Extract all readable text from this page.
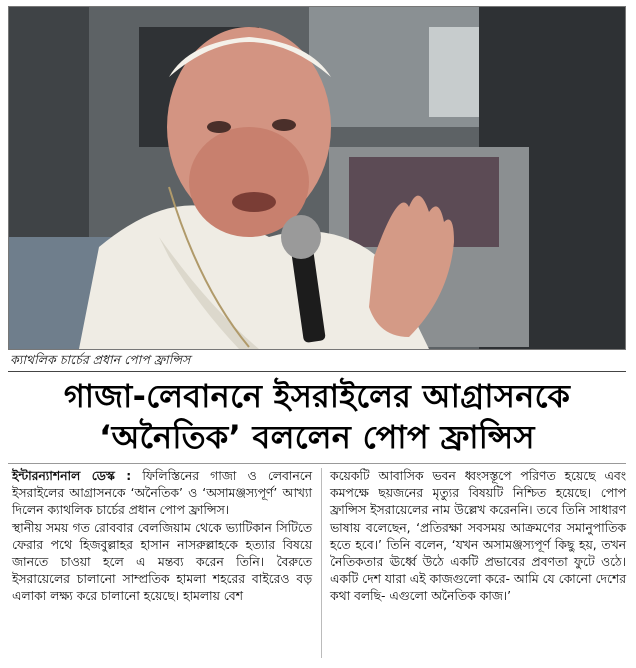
ক্যাথলিক চার্চের প্রধান পোপ ফ্রান্সিস
গাজা-লেবাননে ইসরাইলের আগ্রাসনকে
‘অনৈতিক’ বললেন পোপ ফ্রান্সিস

ইন্টারন্যাশনাল ডেস্ক : ফিলিস্তিনের গাজা ও লেবাননে ইসরাইলের আগ্রাসনকে ‘অনৈতিক’ ও ‘অসামঞ্জস্যপূর্ণ’ আখ্যা দিলেন ক্যাথলিক চার্চের প্রধান পোপ ফ্রান্সিস।

স্থানীয় সময় গত রোববার বেলজিয়াম থেকে ভ্যাটিকান সিটিতে ফেরার পথে হিজবুল্লাহর হাসান নাসরুল্লাহকে হত্যার বিষয়ে জানতে চাওয়া হলে এ মন্তব্য করেন তিনি। বৈরুতে ইসরায়েলের চালানো সাম্প্রতিক হামলা শহরের বাইরেও বড় এলাকা লক্ষ্য করে চালানো হয়েছে। হামলায় বেশ

কয়েকটি আবাসিক ভবন ধ্বংসস্তূপে পরিণত হয়েছে এবং কমপক্ষে ছয়জনের মৃত্যুর বিষয়টি নিশ্চিত হয়েছে। পোপ ফ্রান্সিস ইসরায়েলের নাম উল্লেখ করেননি। তবে তিনি সাধারণ ভাষায় বলেছেন, ‘প্রতিরক্ষা সবসময় আক্রমণের সমানুপাতিক হতে হবে।’ তিনি বলেন, ‘যখন অসামঞ্জস্যপূর্ণ কিছু হয়, তখন নৈতিকতার ঊর্ধ্বে উঠে একটি প্রভাবের প্রবণতা ফুটে ওঠে। একটি দেশ যারা এই কাজগুলো করে- আমি যে কোনো দেশের কথা বলছি- এগুলো অনৈতিক কাজ।’
